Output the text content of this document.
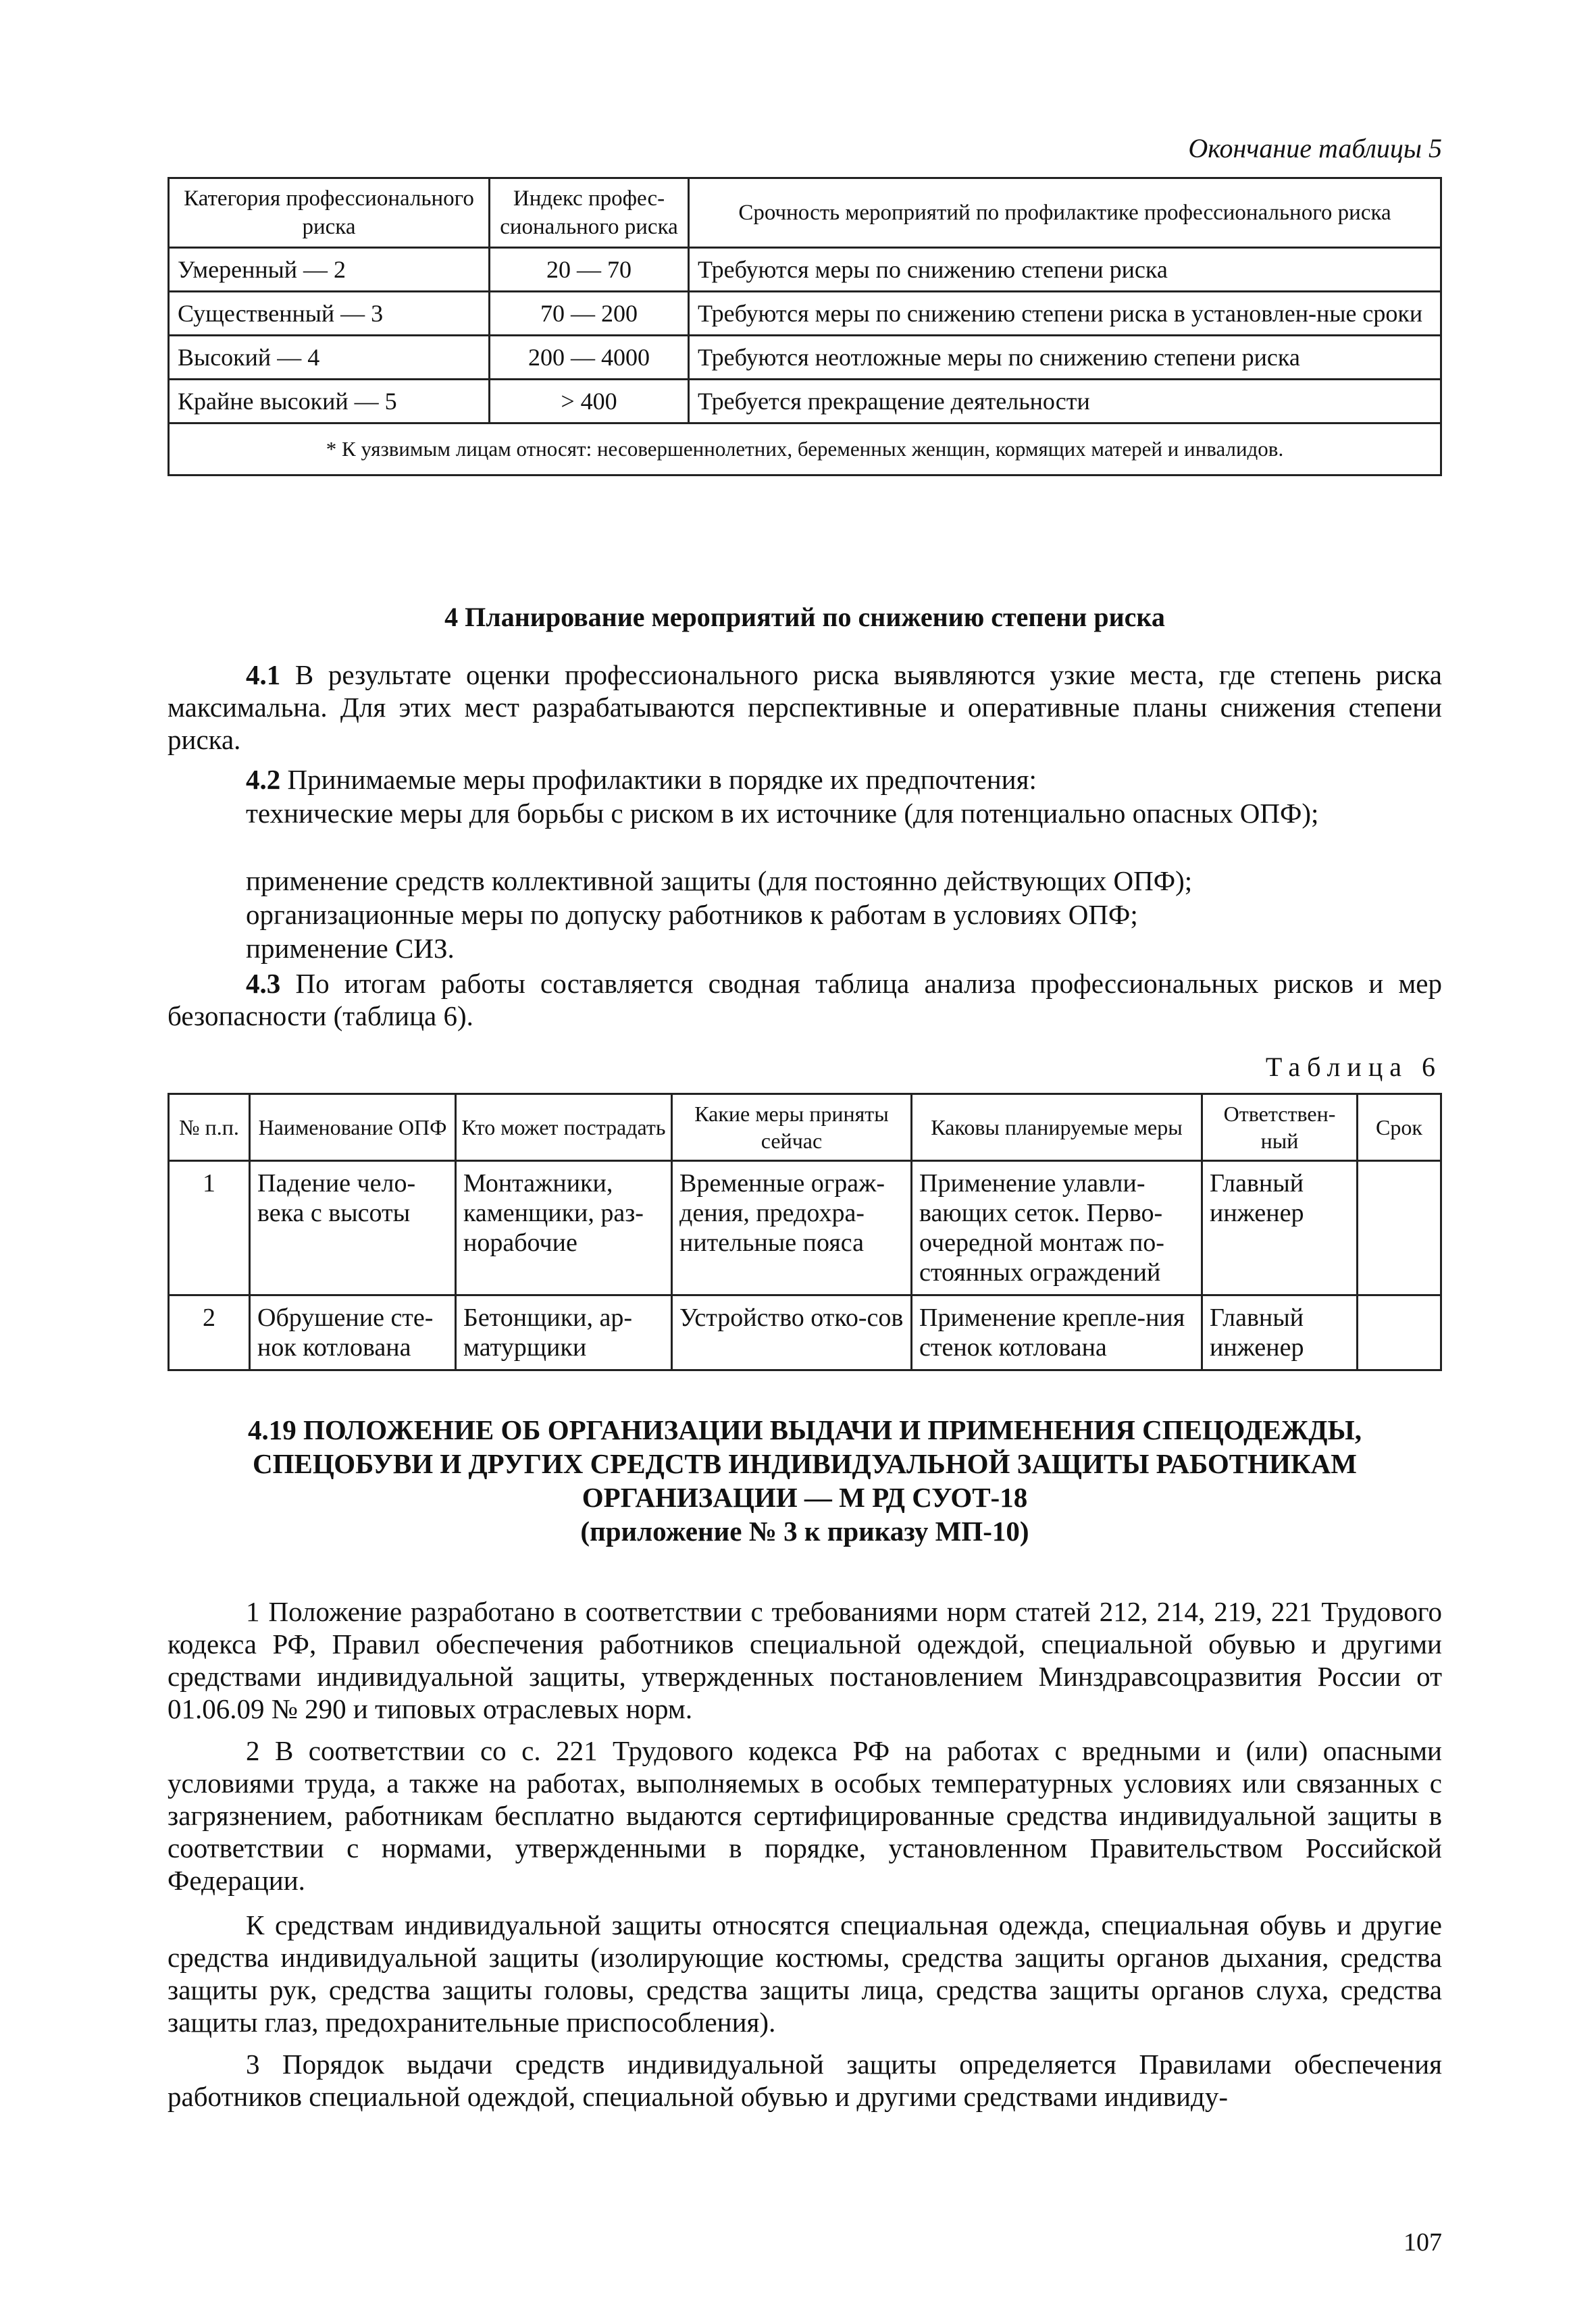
Окончание таблицы 5
Категория профессионального риска	Индекс профес-сионального риска	Срочность мероприятий по профилактике профессионального риска
Умеренный — 2	20 — 70	Требуются меры по снижению степени риска
Существенный — 3	70 — 200	Требуются меры по снижению степени риска в установлен-ные сроки
Высокий — 4	200 — 4000	Требуются неотложные меры по снижению степени риска
Крайне высокий — 5	> 400	Требуется прекращение деятельности
* К уязвимым лицам относят: несовершеннолетних, беременных женщин, кормящих матерей и инвалидов.		
4 Планирование мероприятий по снижению степени риска

4.1 В результате оценки профессионального риска выявляются узкие места, где степень риска максимальна. Для этих мест разрабатываются перспективные и оперативные планы снижения степени риска.

4.2 Принимаемые меры профилактики в порядке их предпочтения:

технические меры для борьбы с риском в их источнике (для потенциально опасных ОПФ);

применение средств коллективной защиты (для постоянно действующих ОПФ);

организационные меры по допуску работников к работам в условиях ОПФ;

применение СИЗ.

4.3 По итогам работы составляется сводная таблица анализа профессиональных рисков и мер безопасности (таблица 6).

Таблица 6
№ п.п.	Наименование ОПФ	Кто может пострадать	Какие меры приняты сейчас	Каковы планируемые меры	Ответствен-ный	Срок
1	Падение чело-века с высоты	Монтажники, каменщики, раз-норабочие	Временные ограж-дения, предохра-нительные пояса	Применение улавли-вающих сеток. Перво-очередной монтаж по-стоянных ограждений	Главный инженер	
2	Обрушение сте-нок котлована	Бетонщики, ар-матурщики	Устройство отко-сов	Применение крепле-ния стенок котлована	Главный инженер	
4.19 ПОЛОЖЕНИЕ ОБ ОРГАНИЗАЦИИ ВЫДАЧИ И ПРИМЕНЕНИЯ СПЕЦОДЕЖДЫ,
СПЕЦОБУВИ И ДРУГИХ СРЕДСТВ ИНДИВИДУАЛЬНОЙ ЗАЩИТЫ РАБОТНИКАМ
ОРГАНИЗАЦИИ — М РД СУОТ-18
(приложение № 3 к приказу МП-10)

1 Положение разработано в соответствии с требованиями норм статей 212, 214, 219, 221 Трудового кодекса РФ, Правил обеспечения работников специальной одеждой, специальной обувью и другими средствами индивидуальной защиты, утвержденных постановлением Минздравсоцразвития России от 01.06.09 № 290 и типовых отраслевых норм.

2 В соответствии со с. 221 Трудового кодекса РФ на работах с вредными и (или) опасными условиями труда, а также на работах, выполняемых в особых температурных условиях или связанных с загрязнением, работникам бесплатно выдаются сертифицированные средства индивидуальной защиты в соответствии с нормами, утвержденными в порядке, установленном Правительством Российской Федерации.

К средствам индивидуальной защиты относятся специальная одежда, специальная обувь и другие средства индивидуальной защиты (изолирующие костюмы, средства защиты органов дыхания, средства защиты рук, средства защиты головы, средства защиты лица, средства защиты органов слуха, средства защиты глаз, предохранительные приспособления).

3 Порядок выдачи средств индивидуальной защиты определяется Правилами обеспечения работников специальной одеждой, специальной обувью и другими средствами индивиду-

107
